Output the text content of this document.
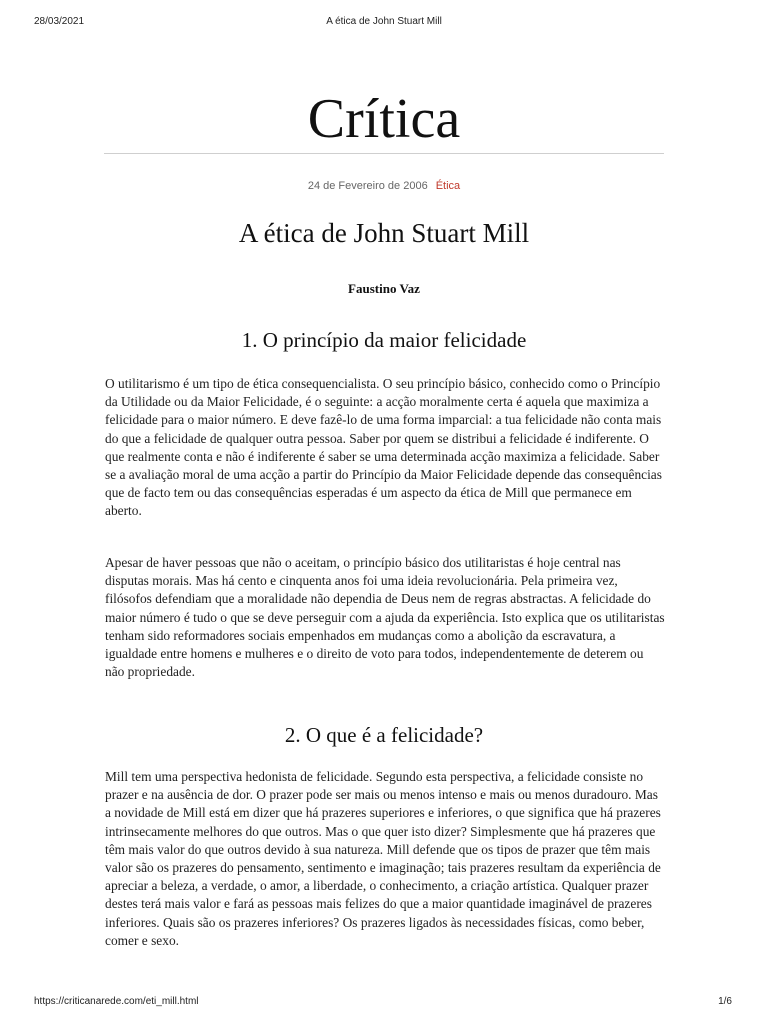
28/03/2021	A ética de John Stuart Mill
Crítica
24 de Fevereiro de 2006 Ética
A ética de John Stuart Mill
Faustino Vaz
1. O princípio da maior felicidade

O utilitarismo é um tipo de ética consequencialista. O seu princípio básico, conhecido como o Princípio da Utilidade ou da Maior Felicidade, é o seguinte: a acção moralmente certa é aquela que maximiza a felicidade para o maior número. E deve fazê-lo de uma forma imparcial: a tua felicidade não conta mais do que a felicidade de qualquer outra pessoa. Saber por quem se distribui a felicidade é indiferente. O que realmente conta e não é indiferente é saber se uma determinada acção maximiza a felicidade. Saber se a avaliação moral de uma acção a partir do Princípio da Maior Felicidade depende das consequências que de facto tem ou das consequências esperadas é um aspecto da ética de Mill que permanece em aberto.

Apesar de haver pessoas que não o aceitam, o princípio básico dos utilitaristas é hoje central nas disputas morais. Mas há cento e cinquenta anos foi uma ideia revolucionária. Pela primeira vez, filósofos defendiam que a moralidade não dependia de Deus nem de regras abstractas. A felicidade do maior número é tudo o que se deve perseguir com a ajuda da experiência. Isto explica que os utilitaristas tenham sido reformadores sociais empenhados em mudanças como a abolição da escravatura, a igualdade entre homens e mulheres e o direito de voto para todos, independentemente de deterem ou não propriedade.

2. O que é a felicidade?

Mill tem uma perspectiva hedonista de felicidade. Segundo esta perspectiva, a felicidade consiste no prazer e na ausência de dor. O prazer pode ser mais ou menos intenso e mais ou menos duradouro. Mas a novidade de Mill está em dizer que há prazeres superiores e inferiores, o que significa que há prazeres intrinsecamente melhores do que outros. Mas o que quer isto dizer? Simplesmente que há prazeres que têm mais valor do que outros devido à sua natureza. Mill defende que os tipos de prazer que têm mais valor são os prazeres do pensamento, sentimento e imaginação; tais prazeres resultam da experiência de apreciar a beleza, a verdade, o amor, a liberdade, o conhecimento, a criação artística. Qualquer prazer destes terá mais valor e fará as pessoas mais felizes do que a maior quantidade imaginável de prazeres inferiores. Quais são os prazeres inferiores? Os prazeres ligados às necessidades físicas, como beber, comer e sexo.

https://criticanarede.com/eti_mill.html	1/6
